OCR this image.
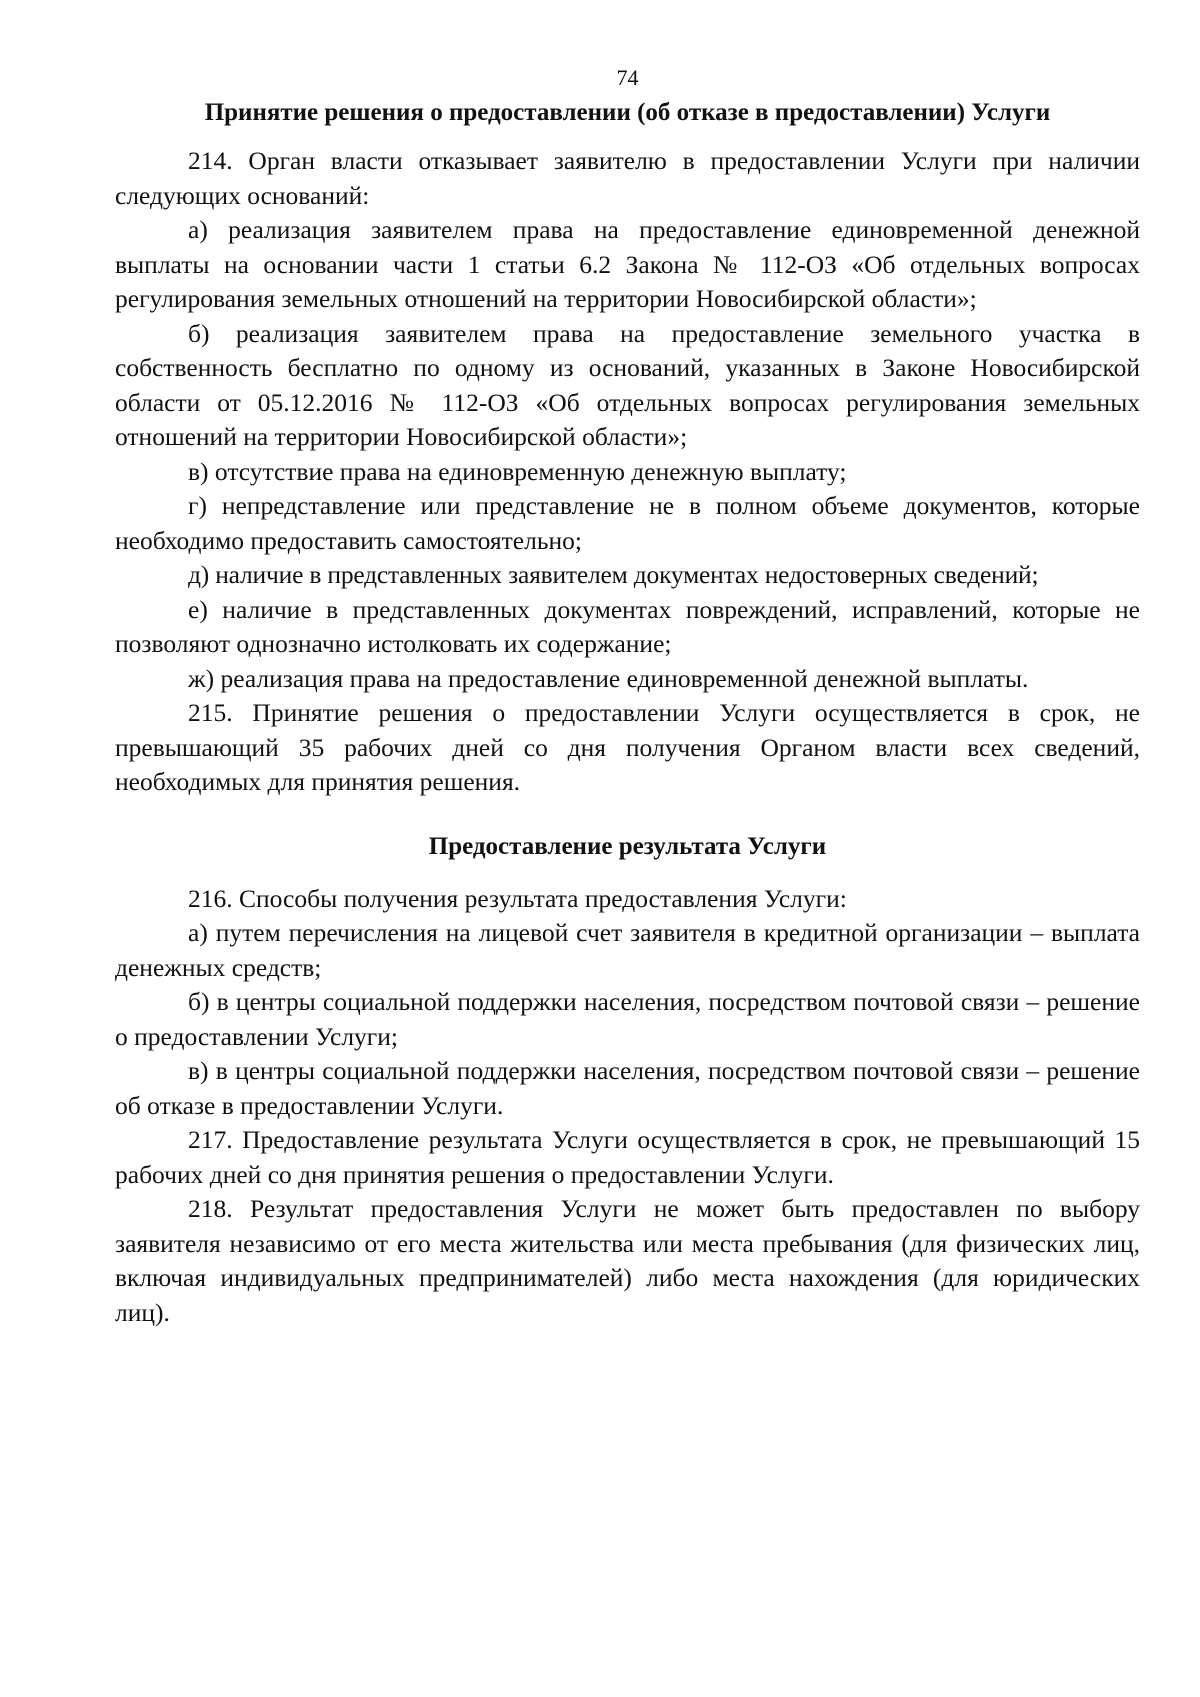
74
Принятие решения о предоставлении (об отказе в предоставлении) Услуги

214. Орган власти отказывает заявителю в предоставлении Услуги при наличии следующих оснований:

а) реализация заявителем права на предоставление единовременной денежной выплаты на основании части 1 статьи 6.2 Закона № 112-ОЗ «Об отдельных вопросах регулирования земельных отношений на территории Новосибирской области»;

б) реализация заявителем права на предоставление земельного участка в собственность бесплатно по одному из оснований, указанных в Законе Новосибирской области от 05.12.2016 № 112-ОЗ «Об отдельных вопросах регулирования земельных отношений на территории Новосибирской области»;

в) отсутствие права на единовременную денежную выплату;

г) непредставление или представление не в полном объеме документов, которые необходимо предоставить самостоятельно;

д) наличие в представленных заявителем документах недостоверных сведений;

е) наличие в представленных документах повреждений, исправлений, которые не позволяют однозначно истолковать их содержание;

ж) реализация права на предоставление единовременной денежной выплаты.

215. Принятие решения о предоставлении Услуги осуществляется в срок, не превышающий 35 рабочих дней со дня получения Органом власти всех сведений, необходимых для принятия решения.

Предоставление результата Услуги

216. Способы получения результата предоставления Услуги:

а) путем перечисления на лицевой счет заявителя в кредитной организации – выплата денежных средств;

б) в центры социальной поддержки населения, посредством почтовой связи – решение о предоставлении Услуги;

в) в центры социальной поддержки населения, посредством почтовой связи – решение об отказе в предоставлении Услуги.

217. Предоставление результата Услуги осуществляется в срок, не превышающий 15 рабочих дней со дня принятия решения о предоставлении Услуги.

218. Результат предоставления Услуги не может быть предоставлен по выбору заявителя независимо от его места жительства или места пребывания (для физических лиц, включая индивидуальных предпринимателей) либо места нахождения (для юридических лиц).
